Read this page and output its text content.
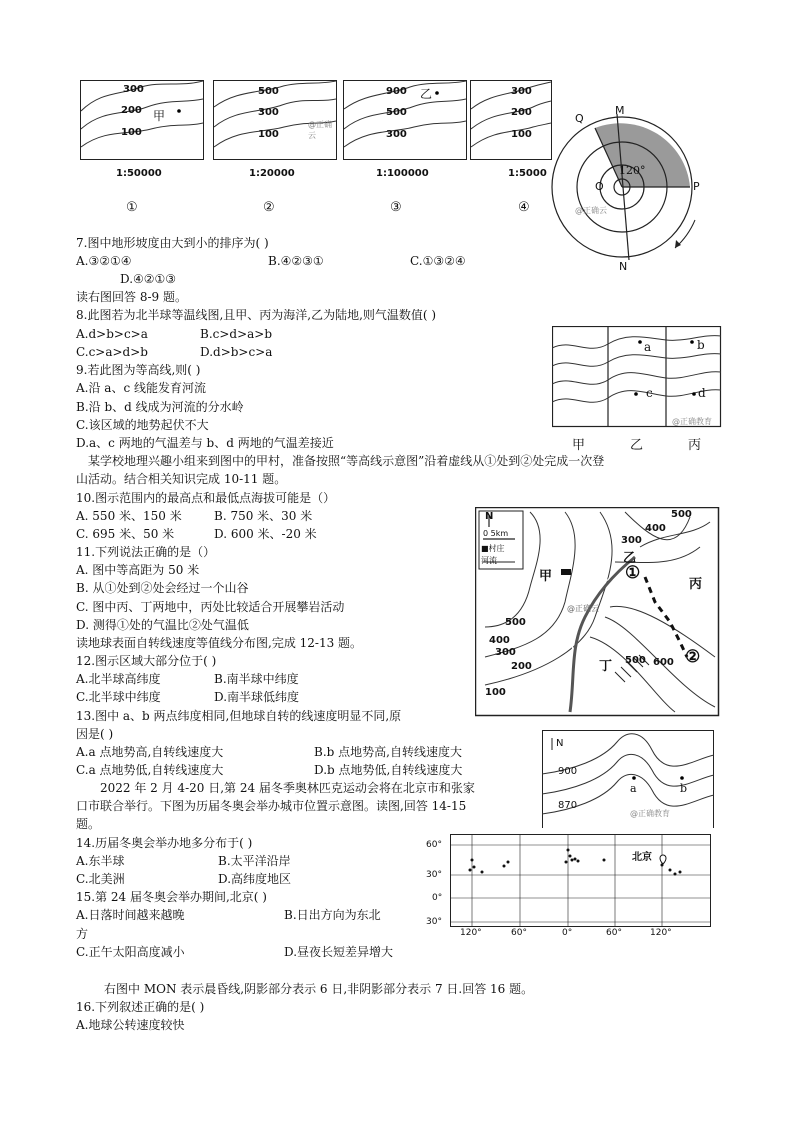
300
200
100
甲
500
300
100
@正确云
900
500
300
乙	300
200
100
1:50000	1:20000	1:100000	1:5000
①	②	③	④
Q
M
O	P
N
120°
@正确云
7.图中地形坡度由大到小的排序为( )
A.③②①④	B.④②③①	C.①③②④
D.④②①③
读右图回答 8-9 题。
8.此图若为北半球等温线图,且甲、丙为海洋,乙为陆地,则气温数值( )
A.d>b>c>a	B.c>d>a>b
C.c>a>d>b	D.d>b>c>a
9.若此图为等高线,则( )
A.沿 a、c 线能发育河流
B.沿 b、d 线成为河流的分水岭
C.该区域的地势起伏不大
D.a、c 两地的气温差与 b、d 两地的气温差接近
a	b
c	d
@正确教育
甲	乙	丙
某学校地理兴趣小组来到图中的甲村，准备按照“等高线示意图”沿着虚线从①处到②处完成一次登
山活动。结合相关知识完成 10-11 题。
10.图示范围内的最高点和最低点海拔可能是（）
A. 550 米、150 米	B. 750 米、30 米
C. 695 米、50 米	D. 600 米、-20 米
11.下列说法正确的是（）
A. 图中等高距为 50 米
B. 从①处到②处会经过一个山谷
C. 图中丙、丁两地中，丙处比较适合开展攀岩活动
D. 测得①处的气温比②处气温低
N
0 5km
■村庄
河流
500
400
300
500
400
300
200
100
500 600
甲
乙
丙
丁
①
②
@正确云
读地球表面自转线速度等值线分布图,完成 12-13 题。
12.图示区域大部分位于( )
A.北半球高纬度	B.南半球中纬度
C.北半球中纬度	D.南半球低纬度
13.图中 a、b 两点纬度相同,但地球自转的线速度明显不同,原
因是( )
A.a 点地势高,自转线速度大	B.b 点地势高,自转线速度大
C.a 点地势低,自转线速度大	D.b 点地势低,自转线速度大
N
900
870
a	b
@正确教育
2022 年 2 月 4-20 日,第 24 届冬季奥林匹克运动会将在北京市和张家
口市联合举行。下图为历届冬奥会举办城市位置示意图。读图,回答 14-15
题。
14.历届冬奥会举办地多分布于( )
A.东半球	B.太平洋沿岸
C.北美洲	D.高纬度地区
15.第 24 届冬奥会举办期间,北京( )
A.日落时间越来越晚	B.日出方向为东北
方
C.正午太阳高度减小	D.昼夜长短差异增大
60°
30°
0°
30°
120°	60°	0°	60°	120°
北京
右图中 MON 表示晨昏线,阴影部分表示 6 日,非阴影部分表示 7 日.回答 16 题。
16.下列叙述正确的是( )
A.地球公转速度较快
